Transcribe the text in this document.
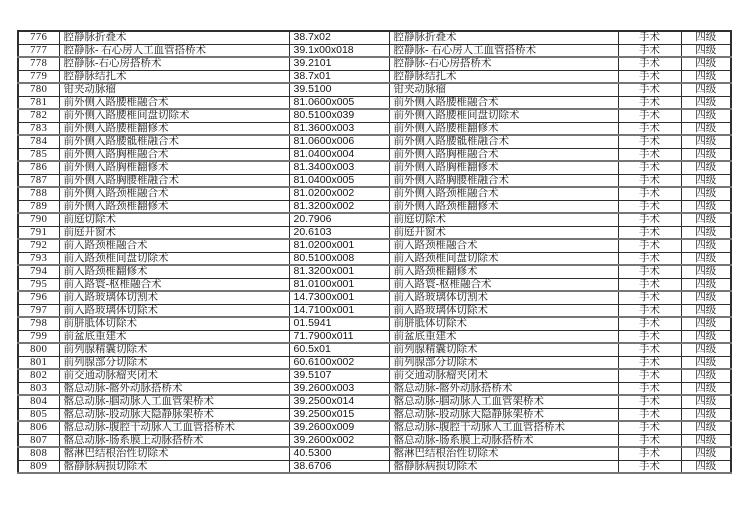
776	腔静脉折叠术	38.7x02	腔静脉折叠术	手术	四级
777	腔静脉- 右心房人工血管搭桥术	39.1x00x018	腔静脉- 右心房人工血管搭桥术	手术	四级
778	腔静脉-右心房搭桥术	39.2101	腔静脉-右心房搭桥术	手术	四级
779	腔静脉结扎术	38.7x01	腔静脉结扎术	手术	四级
780	钳夹动脉瘤	39.5100	钳夹动脉瘤	手术	四级
781	前外侧入路腰椎融合术	81.0600x005	前外侧入路腰椎融合术	手术	四级
782	前外侧入路腰椎间盘切除术	80.5100x039	前外侧入路腰椎间盘切除术	手术	四级
783	前外侧入路腰椎翻修术	81.3600x003	前外侧入路腰椎翻修术	手术	四级
784	前外侧入路腰骶椎融合术	81.0600x006	前外侧入路腰骶椎融合术	手术	四级
785	前外侧入路胸椎融合术	81.0400x004	前外侧入路胸椎融合术	手术	四级
786	前外侧入路胸椎翻修术	81.3400x003	前外侧入路胸椎翻修术	手术	四级
787	前外侧入路胸腰椎融合术	81.0400x005	前外侧入路胸腰椎融合术	手术	四级
788	前外侧入路颈椎融合术	81.0200x002	前外侧入路颈椎融合术	手术	四级
789	前外侧入路颈椎翻修术	81.3200x002	前外侧入路颈椎翻修术	手术	四级
790	前庭切除术	20.7906	前庭切除术	手术	四级
791	前庭开窗术	20.6103	前庭开窗术	手术	四级
792	前入路颈椎融合术	81.0200x001	前入路颈椎融合术	手术	四级
793	前入路颈椎间盘切除术	80.5100x008	前入路颈椎间盘切除术	手术	四级
794	前入路颈椎翻修术	81.3200x001	前入路颈椎翻修术	手术	四级
795	前入路寰-枢椎融合术	81.0100x001	前入路寰-枢椎融合术	手术	四级
796	前入路玻璃体切割术	14.7300x001	前入路玻璃体切割术	手术	四级
797	前入路玻璃体切除术	14.7100x001	前入路玻璃体切除术	手术	四级
798	前胼胝体切除术	01.5941	前胼胝体切除术	手术	四级
799	前盆底重建术	71.7900x011	前盆底重建术	手术	四级
800	前列腺精囊切除术	60.5x01	前列腺精囊切除术	手术	四级
801	前列腺部分切除术	60.6100x002	前列腺部分切除术	手术	四级
802	前交通动脉瘤夹闭术	39.5107	前交通动脉瘤夹闭术	手术	四级
803	髂总动脉-髂外动脉搭桥术	39.2600x003	髂总动脉-髂外动脉搭桥术	手术	四级
804	髂总动脉-腘动脉人工血管架桥术	39.2500x014	髂总动脉-腘动脉人工血管架桥术	手术	四级
805	髂总动脉-股动脉大隐静脉架桥术	39.2500x015	髂总动脉-股动脉大隐静脉架桥术	手术	四级
806	髂总动脉-腹腔干动脉人工血管搭桥术	39.2600x009	髂总动脉-腹腔干动脉人工血管搭桥术	手术	四级
807	髂总动脉-肠系膜上动脉搭桥术	39.2600x002	髂总动脉-肠系膜上动脉搭桥术	手术	四级
808	髂淋巴结根治性切除术	40.5300	髂淋巴结根治性切除术	手术	四级
809	髂静脉病损切除术	38.6706	髂静脉病损切除术	手术	四级
